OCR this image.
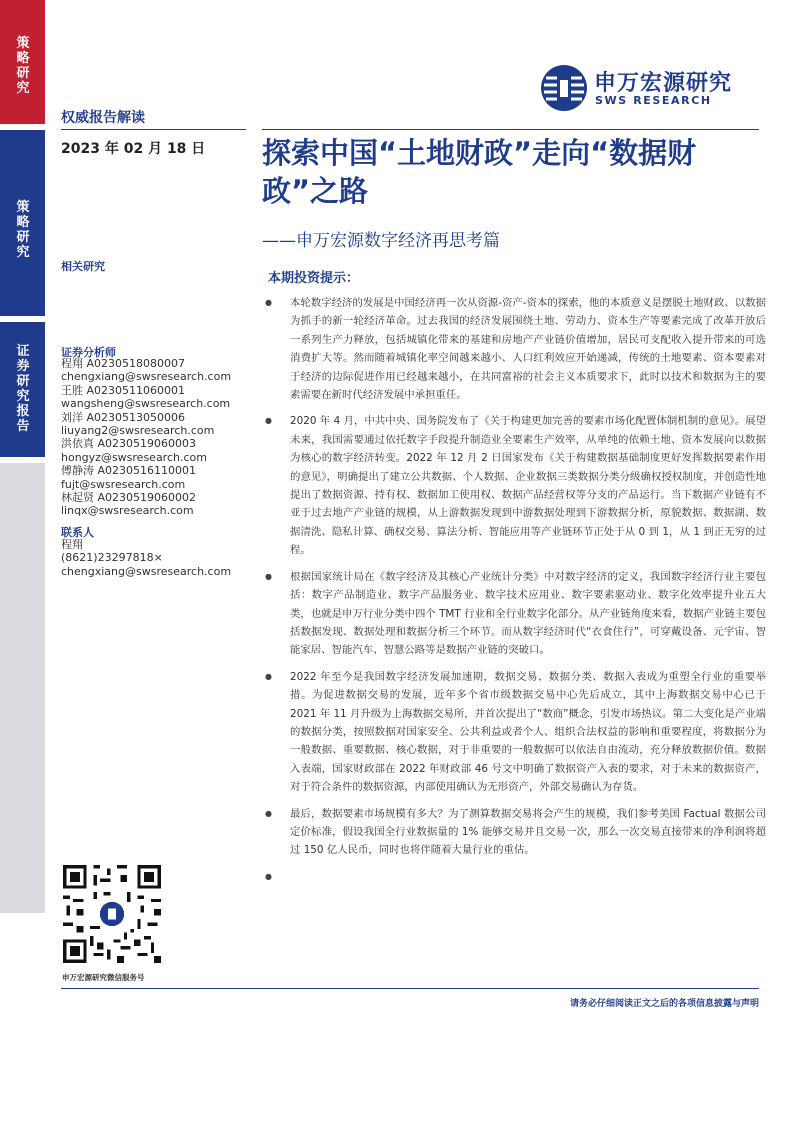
策略研究
策略研究
证券研究报告
申万宏源研究
SWS RESEARCH
权威报告解读
2023 年 02 月 18 日 探索中国“土地财政”走向“数据财政”之路
——申万宏源数字经济再思考篇
相关研究
证券分析师
程翔 A0230518080007
chengxiang@swsresearch.com
王胜 A0230511060001
wangsheng@swsresearch.com
刘洋 A0230513050006
liuyang2@swsresearch.com
洪依真 A0230519060003
hongyz@swsresearch.com
傅静涛 A0230516110001
fujt@swsresearch.com
林起贤 A0230519060002
linqx@swsresearch.com
联系人
程翔
(8621)23297818×
chengxiang@swsresearch.com
申万宏源研究微信服务号
本期投资提示：
● 本轮数字经济的发展是中国经济再一次从资源-资产-资本的探索，他的本质意义是摆脱土地财政、以数据为抓手的新一轮经济革命。过去我国的经济发展围绕土地、劳动力、资本生产等要素完成了改革开放后一系列生产力释放，包括城镇化带来的基建和房地产产业链价值增加，居民可支配收入提升带来的可选消费扩大等。然而随着城镇化率空间越来越小、人口红利效应开始递减，传统的土地要素、资本要素对于经济的边际促进作用已经越来越小，在共同富裕的社会主义本质要求下，此时以技术和数据为主的要素需要在新时代经济发展中承担重任。
● 2020 年 4 月，中共中央、国务院发布了《关于构建更加完善的要素市场化配置体制机制的意见》。展望未来，我国需要通过依托数字手段提升制造业全要素生产效率，从单纯的依赖土地、资本发展向以数据为核心的数字经济转变。2022 年 12 月 2 日国家发布《关于构建数据基础制度更好发挥数据要素作用的意见》，明确提出了建立公共数据、个人数据、企业数据三类数据分类分级确权授权制度，并创造性地提出了数据资源、持有权、数据加工使用权、数据产品经营权等分支的产品运行。当下数据产业链有不亚于过去地产产业链的规模，从上游数据发现到中游数据处理到下游数据分析，原貌数据、数据湖、数据清洗、隐私计算、确权交易、算法分析、智能应用等产业链环节正处于从 0 到 1，从 1 到正无穷的过程。
● 根据国家统计局在《数字经济及其核心产业统计分类》中对数字经济的定义，我国数字经济行业主要包括：数字产品制造业、数字产品服务业、数字技术应用业、数字要素驱动业、数字化效率提升业五大类，也就是申万行业分类中四个 TMT 行业和全行业数字化部分。从产业链角度来看，数据产业链主要包括数据发现、数据处理和数据分析三个环节。而从数字经济时代“衣食住行”，可穿戴设备、元宇宙、智能家居、智能汽车、智慧公路等是数据产业链的突破口。
● 2022 年至今是我国数字经济发展加速期，数据交易、数据分类、数据入表成为重塑全行业的重要举措。为促进数据交易的发展，近年多个省市级数据交易中心先后成立，其中上海数据交易中心已于 2021 年 11 月升级为上海数据交易所，并首次提出了“数商”概念，引发市场热议。第二大变化是产业端的数据分类，按照数据对国家安全、公共利益或者个人、组织合法权益的影响和重要程度，将数据分为一般数据、重要数据、核心数据，对于非重要的一般数据可以依法自由流动，充分释放数据价值。数据入表端，国家财政部在 2022 年财政部 46 号文中明确了数据资产入表的要求，对于未来的数据资产，对于符合条件的数据资源，内部使用确认为无形资产，外部交易确认为存货。
● 最后，数据要素市场规模有多大？为了测算数据交易将会产生的规模，我们参考美国 Factual 数据公司定价标准，假设我国全行业数据量的 1% 能够交易并且交易一次，那么一次交易直接带来的净利润将超过 150 亿人民币，同时也将伴随着大量行业的重估。
●
请务必仔细阅读正文之后的各项信息披露与声明
